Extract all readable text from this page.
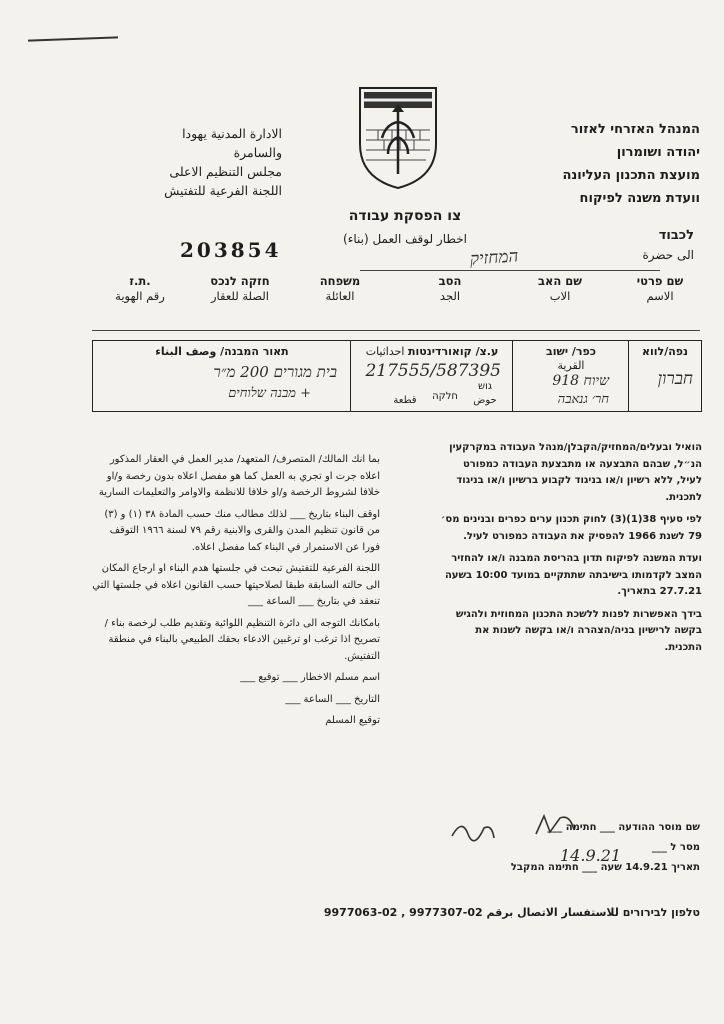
המנהל האזרחי לאזור
יהודה ושומרון
מועצת התכנון העליונה
וועדת משנה לפיקוח
الادارة المدنية يهودا
والسامرة
مجلس التنظيم الاعلى
اللجنة الفرعية للتفتيش
צו הפסקת עבודה
اخطار لوقف العمل (بناء)
203854
לכבוד
الى حضرة
המחזיק
שם פרטי
الاسم
שם האב
الاب
הסב
الجد
משפחה
العائلة
חזקה לנכס
الصلة للعقار
ת.ז.
رقم الهوية
נפה/לווא
חברון
כפר/ ישוב
القرية
שיוח 918
חר׳ גנאבה
ע.צ/ קואורדינטות احداثيات
217555/587395
גוש
חלקה	حوض
قطعة
תאור המבנה/ وصف البناء
בית מגורים 200 מ״ר
+ מבנה שלוחים

بما انك المالك/ المتصرف/ المتعهد/ مدير العمل في العقار المذكور اعلاه جرت او تجري به العمل كما هو مفصل اعلاه بدون رخصة و/او خلافا لشروط الرخصة و/او خلافا للانظمة والاوامر والتعليمات السارية

اوقف البناء بتاريخ ___ لذلك مطالب منك حسب المادة ٣٨ (١) و (٣) من قانون تنظيم المدن والقرى والابنية رقم ٧٩ لسنة ١٩٦٦ التوقف فورا عن الاستمرار في البناء كما مفصل اعلاه.

اللجنة الفرعية للتفتيش تبحث في جلستها هدم البناء او ارجاع المكان الى حالته السابقة طبقا لصلاحيتها حسب القانون اعلاه في جلستها التي تنعقد في بتاريخ ___ الساعة ___

بامكانك التوجه الى دائرة التنظيم اللوائية وتقديم طلب لرخصة بناء / تصريح اذا ترغب او ترغبين الادعاء بحقك الطبيعي بالبناء في منطقة التفتيش.

اسم مسلم الاخطار ___ توقيع ___

التاريخ ___ الساعة ___

توقيع المسلم

הואיל ובעלים/המחזיק/הקבלן/מנהל העבודה במקרקעין הנ״ל, שבהם התבצעה או מתבצעת העבודה כמפורט לעיל, ללא רשיון ו/או בניגוד לקבוע ברשיון ו/או בניגוד לתכנית.

לפי סעיף 38(1)(3) לחוק תכנון ערים כפרים ובנינים מס׳ 79 לשנת 1966 להפסיק את העבודה כמפורט לעיל.

ועדת המשנה לפיקוח תדון בהריסת המבנה ו/או להחזיר המצב לקדמותו בישיבתה שתתקיים במועד 10:00 בשעה 27.7.21 בתאריך.

בידך האפשרות לפנות ללשכת התכנון המחוזית ולהגיש בקשה לרישיון בניה/הצהרה ו/או בקשה לשנות את התכנית.

שם מוסר ההודעה ___ חתימה ___
מסר ל ___
תאריך 14.9.21 שעה ___ חתימה המקבל
14.9.21
טלפון לבירורים للاستفسار الاتصال برقم 02-9977307 , 02-9977063
